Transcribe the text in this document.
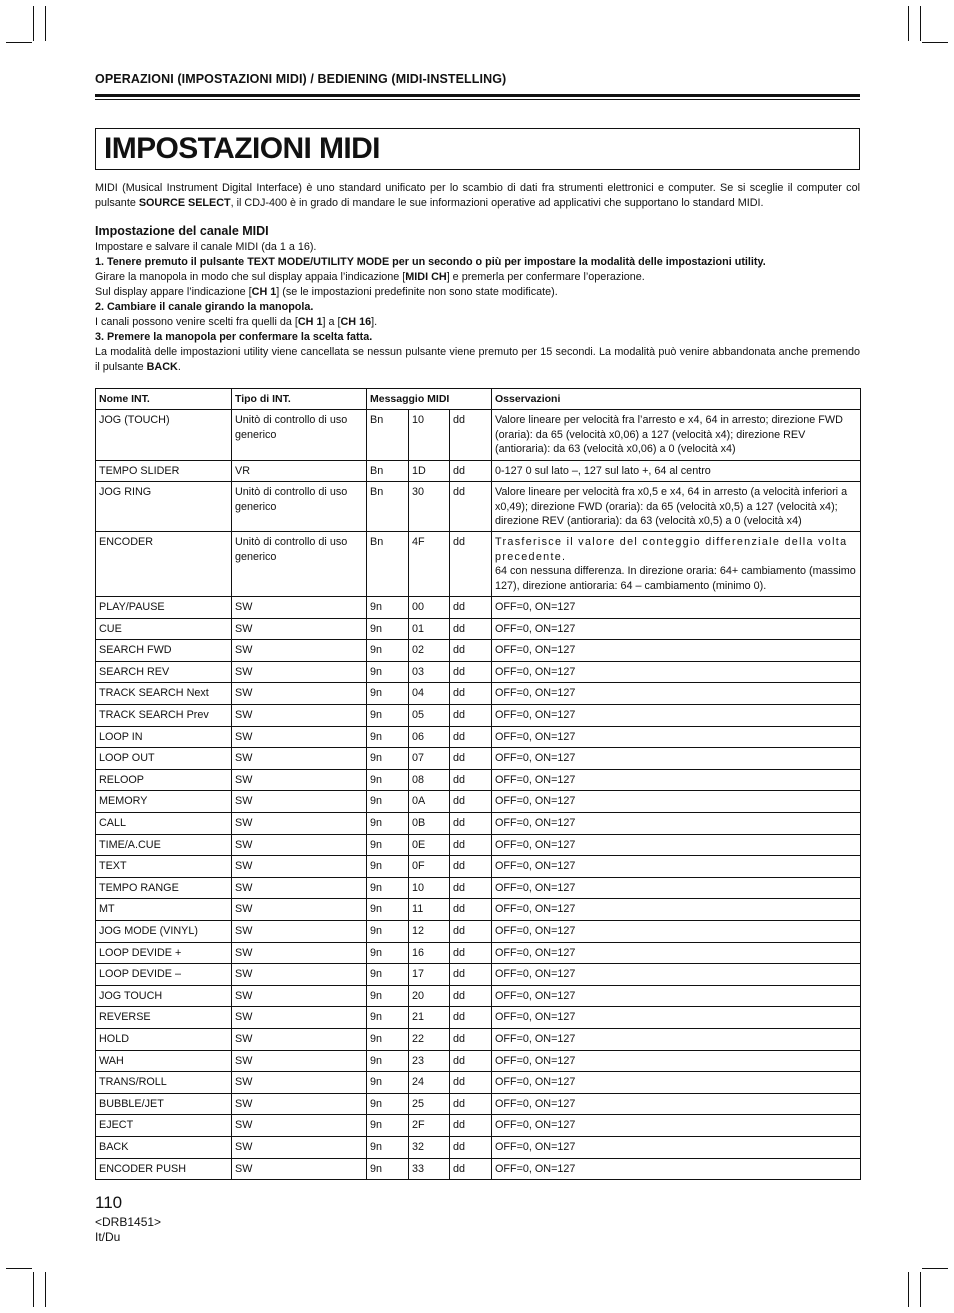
OPERAZIONI (IMPOSTAZIONI MIDI) / BEDIENING (MIDI-INSTELLING)
IMPOSTAZIONI MIDI
MIDI (Musical Instrument Digital Interface) è uno standard unificato per lo scambio di dati fra strumenti elettronici e computer. Se si sceglie il computer col pulsante SOURCE SELECT, il CDJ-400 è in grado di mandare le sue informazioni operative ad applicativi che supportano lo standard MIDI.
Impostazione del canale MIDI

Impostare e salvare il canale MIDI (da 1 a 16).

1. Tenere premuto il pulsante TEXT MODE/UTILITY MODE per un secondo o più per impostare la modalità delle impostazioni utility.

Girare la manopola in modo che sul display appaia l’indicazione [MIDI CH] e premerla per confermare l’operazione.

Sul display appare l’indicazione [CH 1] (se le impostazioni predefinite non sono state modificate).

2. Cambiare il canale girando la manopola.

I canali possono venire scelti fra quelli da [CH 1] a [CH 16].

3. Premere la manopola per confermare la scelta fatta.

La modalità delle impostazioni utility viene cancellata se nessun pulsante viene premuto per 15 secondi. La modalità può venire abbandonata anche premendo il pulsante BACK.

Nome INT.	Tipo di INT.	Messaggio MIDI			Osservazioni
JOG (TOUCH)	Unitò di controllo di uso generico	Bn	10	dd	Valore lineare per velocità fra l’arresto e x4, 64 in arresto; direzione FWD (oraria): da 65 (velocità x0,06) a 127 (velocità x4); direzione REV (antioraria): da 63 (velocità x0,06) a 0 (velocità x4)
TEMPO SLIDER	VR	Bn	1D	dd	0-127 0 sul lato –, 127 sul lato +, 64 al centro
JOG RING	Unitò di controllo di uso generico	Bn	30	dd	Valore lineare per velocità fra x0,5 e x4, 64 in arresto (a velocità inferiori a x0,49); direzione FWD (oraria): da 65 (velocità x0,5) a 127 (velocità x4); direzione REV (antioraria): da 63 (velocità x0,5) a 0 (velocità x4)
ENCODER	Unitò di controllo di uso generico	Bn	4F	dd	Trasferisce il valore del conteggio differenziale della volta precedente.
64 con nessuna differenza. In direzione oraria: 64+ cambiamento (massimo 127), direzione antioraria: 64 – cambiamento (minimo 0).

PLAY/PAUSE	SW	9n	00	dd	OFF=0, ON=127
CUE	SW	9n	01	dd	OFF=0, ON=127
SEARCH FWD	SW	9n	02	dd	OFF=0, ON=127
SEARCH REV	SW	9n	03	dd	OFF=0, ON=127
TRACK SEARCH Next	SW	9n	04	dd	OFF=0, ON=127
TRACK SEARCH Prev	SW	9n	05	dd	OFF=0, ON=127
LOOP IN	SW	9n	06	dd	OFF=0, ON=127
LOOP OUT	SW	9n	07	dd	OFF=0, ON=127
RELOOP	SW	9n	08	dd	OFF=0, ON=127
MEMORY	SW	9n	0A	dd	OFF=0, ON=127
CALL	SW	9n	0B	dd	OFF=0, ON=127
TIME/A.CUE	SW	9n	0E	dd	OFF=0, ON=127
TEXT	SW	9n	0F	dd	OFF=0, ON=127
TEMPO RANGE	SW	9n	10	dd	OFF=0, ON=127
MT	SW	9n	11	dd	OFF=0, ON=127
JOG MODE (VINYL)	SW	9n	12	dd	OFF=0, ON=127
LOOP DEVIDE +	SW	9n	16	dd	OFF=0, ON=127
LOOP DEVIDE –	SW	9n	17	dd	OFF=0, ON=127
JOG TOUCH	SW	9n	20	dd	OFF=0, ON=127
REVERSE	SW	9n	21	dd	OFF=0, ON=127
HOLD	SW	9n	22	dd	OFF=0, ON=127
WAH	SW	9n	23	dd	OFF=0, ON=127
TRANS/ROLL	SW	9n	24	dd	OFF=0, ON=127
BUBBLE/JET	SW	9n	25	dd	OFF=0, ON=127
EJECT	SW	9n	2F	dd	OFF=0, ON=127
BACK	SW	9n	32	dd	OFF=0, ON=127
ENCODER PUSH	SW	9n	33	dd	OFF=0, ON=127
110
<DRB1451>
It/Du
